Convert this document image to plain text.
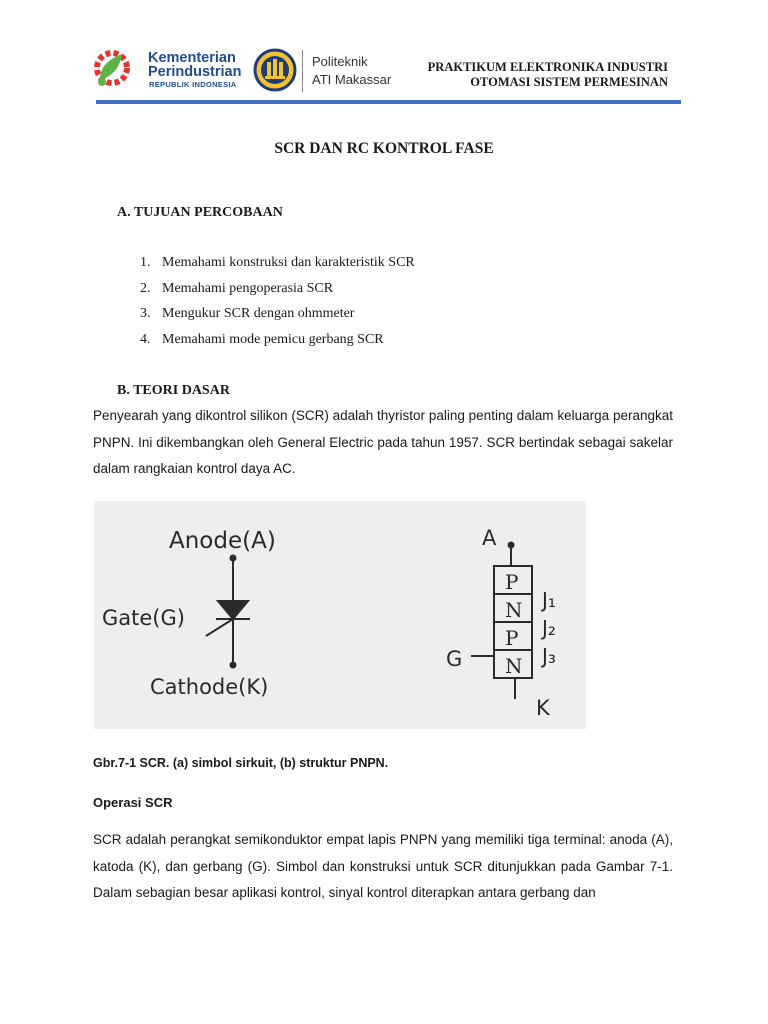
Kementerian
Perindustrian
REPUBLIK INDONESIA
Politeknik
ATI Makassar
PRAKTIKUM ELEKTRONIKA INDUSTRI
OTOMASI SISTEM PERMESINAN
SCR DAN RC KONTROL FASE
A. TUJUAN PERCOBAAN
1. Memahami konstruksi dan karakteristik SCR
2. Memahami pengoperasia SCR
3. Mengukur SCR dengan ohmmeter
4. Memahami mode pemicu gerbang SCR
B. TEORI DASAR
Penyearah yang dikontrol silikon (SCR) adalah thyristor paling penting dalam keluarga perangkat PNPN. Ini dikembangkan oleh General Electric pada tahun 1957. SCR bertindak sebagai sakelar dalam rangkaian kontrol daya AC.
Anode(A)
Gate(G)
Cathode(K)
A
G
K
P
N
P
N
J₁
J₂
J₃
Gbr.7-1 SCR. (a) simbol sirkuit, (b) struktur PNPN.
Operasi SCR
SCR adalah perangkat semikonduktor empat lapis PNPN yang memiliki tiga terminal: anoda (A), katoda (K), dan gerbang (G). Simbol dan konstruksi untuk SCR ditunjukkan pada Gambar 7-1. Dalam sebagian besar aplikasi kontrol, sinyal kontrol diterapkan antara gerbang dan
